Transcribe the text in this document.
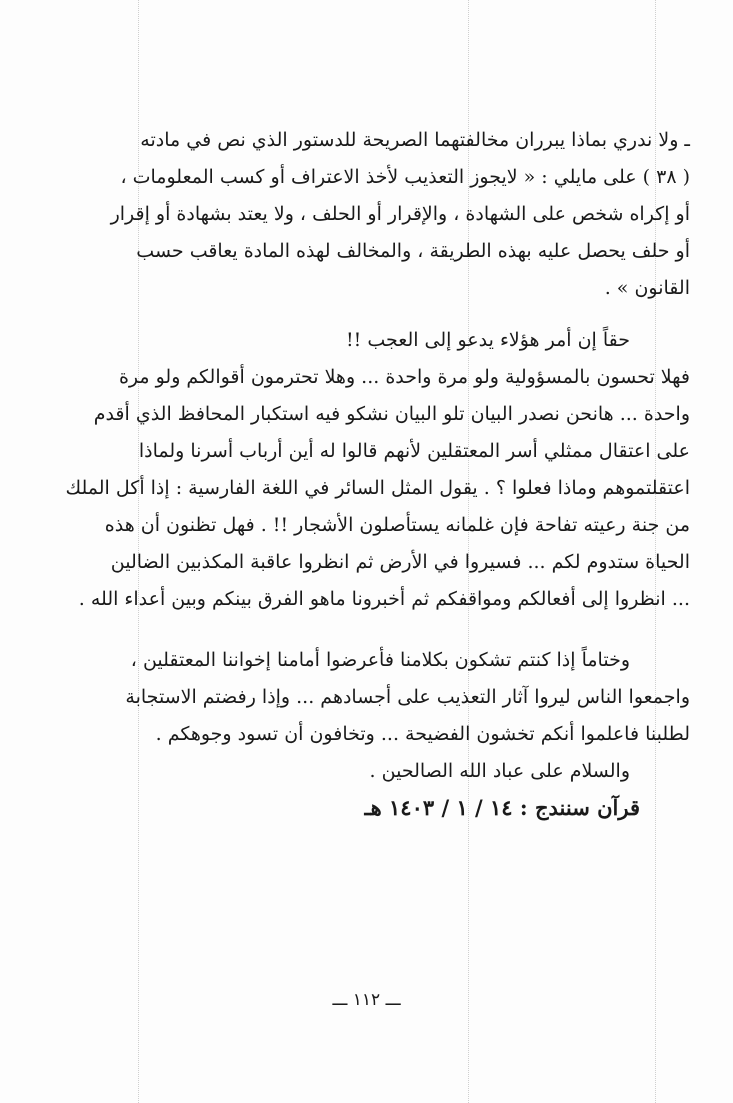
ـ ولا ندري بماذا يبرران مخالفتهما الصريحة للدستور الذي نص في مادته
( ٣٨ ) على مايلي : « لايجوز التعذيب لأخذ الاعتراف أو كسب المعلومات ،
أو إكراه شخص على الشهادة ، والإقرار أو الحلف ، ولا يعتد بشهادة أو إقرار
أو حلف يحصل عليه بهذه الطريقة ، والمخالف لهذه المادة يعاقب حسب
القانون » .
حقاً إن أمر هؤلاء يدعو إلى العجب !!
فهلا تحسون بالمسؤولية ولو مرة واحدة ... وهلا تحترمون أقوالكم ولو مرة
واحدة ... هانحن نصدر البيان تلو البيان نشكو فيه استكبار المحافظ الذي أقدم
على اعتقال ممثلي أسر المعتقلين لأنهم قالوا له أين أرباب أسرنا ولماذا
اعتقلتموهم وماذا فعلوا ؟ . يقول المثل السائر في اللغة الفارسية : إذا أكل الملك
من جنة رعيته تفاحة فإن غلمانه يستأصلون الأشجار !! . فهل تظنون أن هذه
الحياة ستدوم لكم ... فسيروا في الأرض ثم انظروا عاقبة المكذبين الضالين
... انظروا إلى أفعالكم ومواقفكم ثم أخبرونا ماهو الفرق بينكم وبين أعداء الله .
وختاماً إذا كنتم تشكون بكلامنا فأعرضوا أمامنا إخواننا المعتقلين ،
واجمعوا الناس ليروا آثار التعذيب على أجسادهم ... وإذا رفضتم الاستجابة
لطلبنا فاعلموا أنكم تخشون الفضيحة ... وتخافون أن تسود وجوهكم .
والسلام على عباد الله الصالحين .
قرآن سنندج : ١٤ / ١ / ١٤٠٣ هـ
ـــ ١١٢ ـــ
